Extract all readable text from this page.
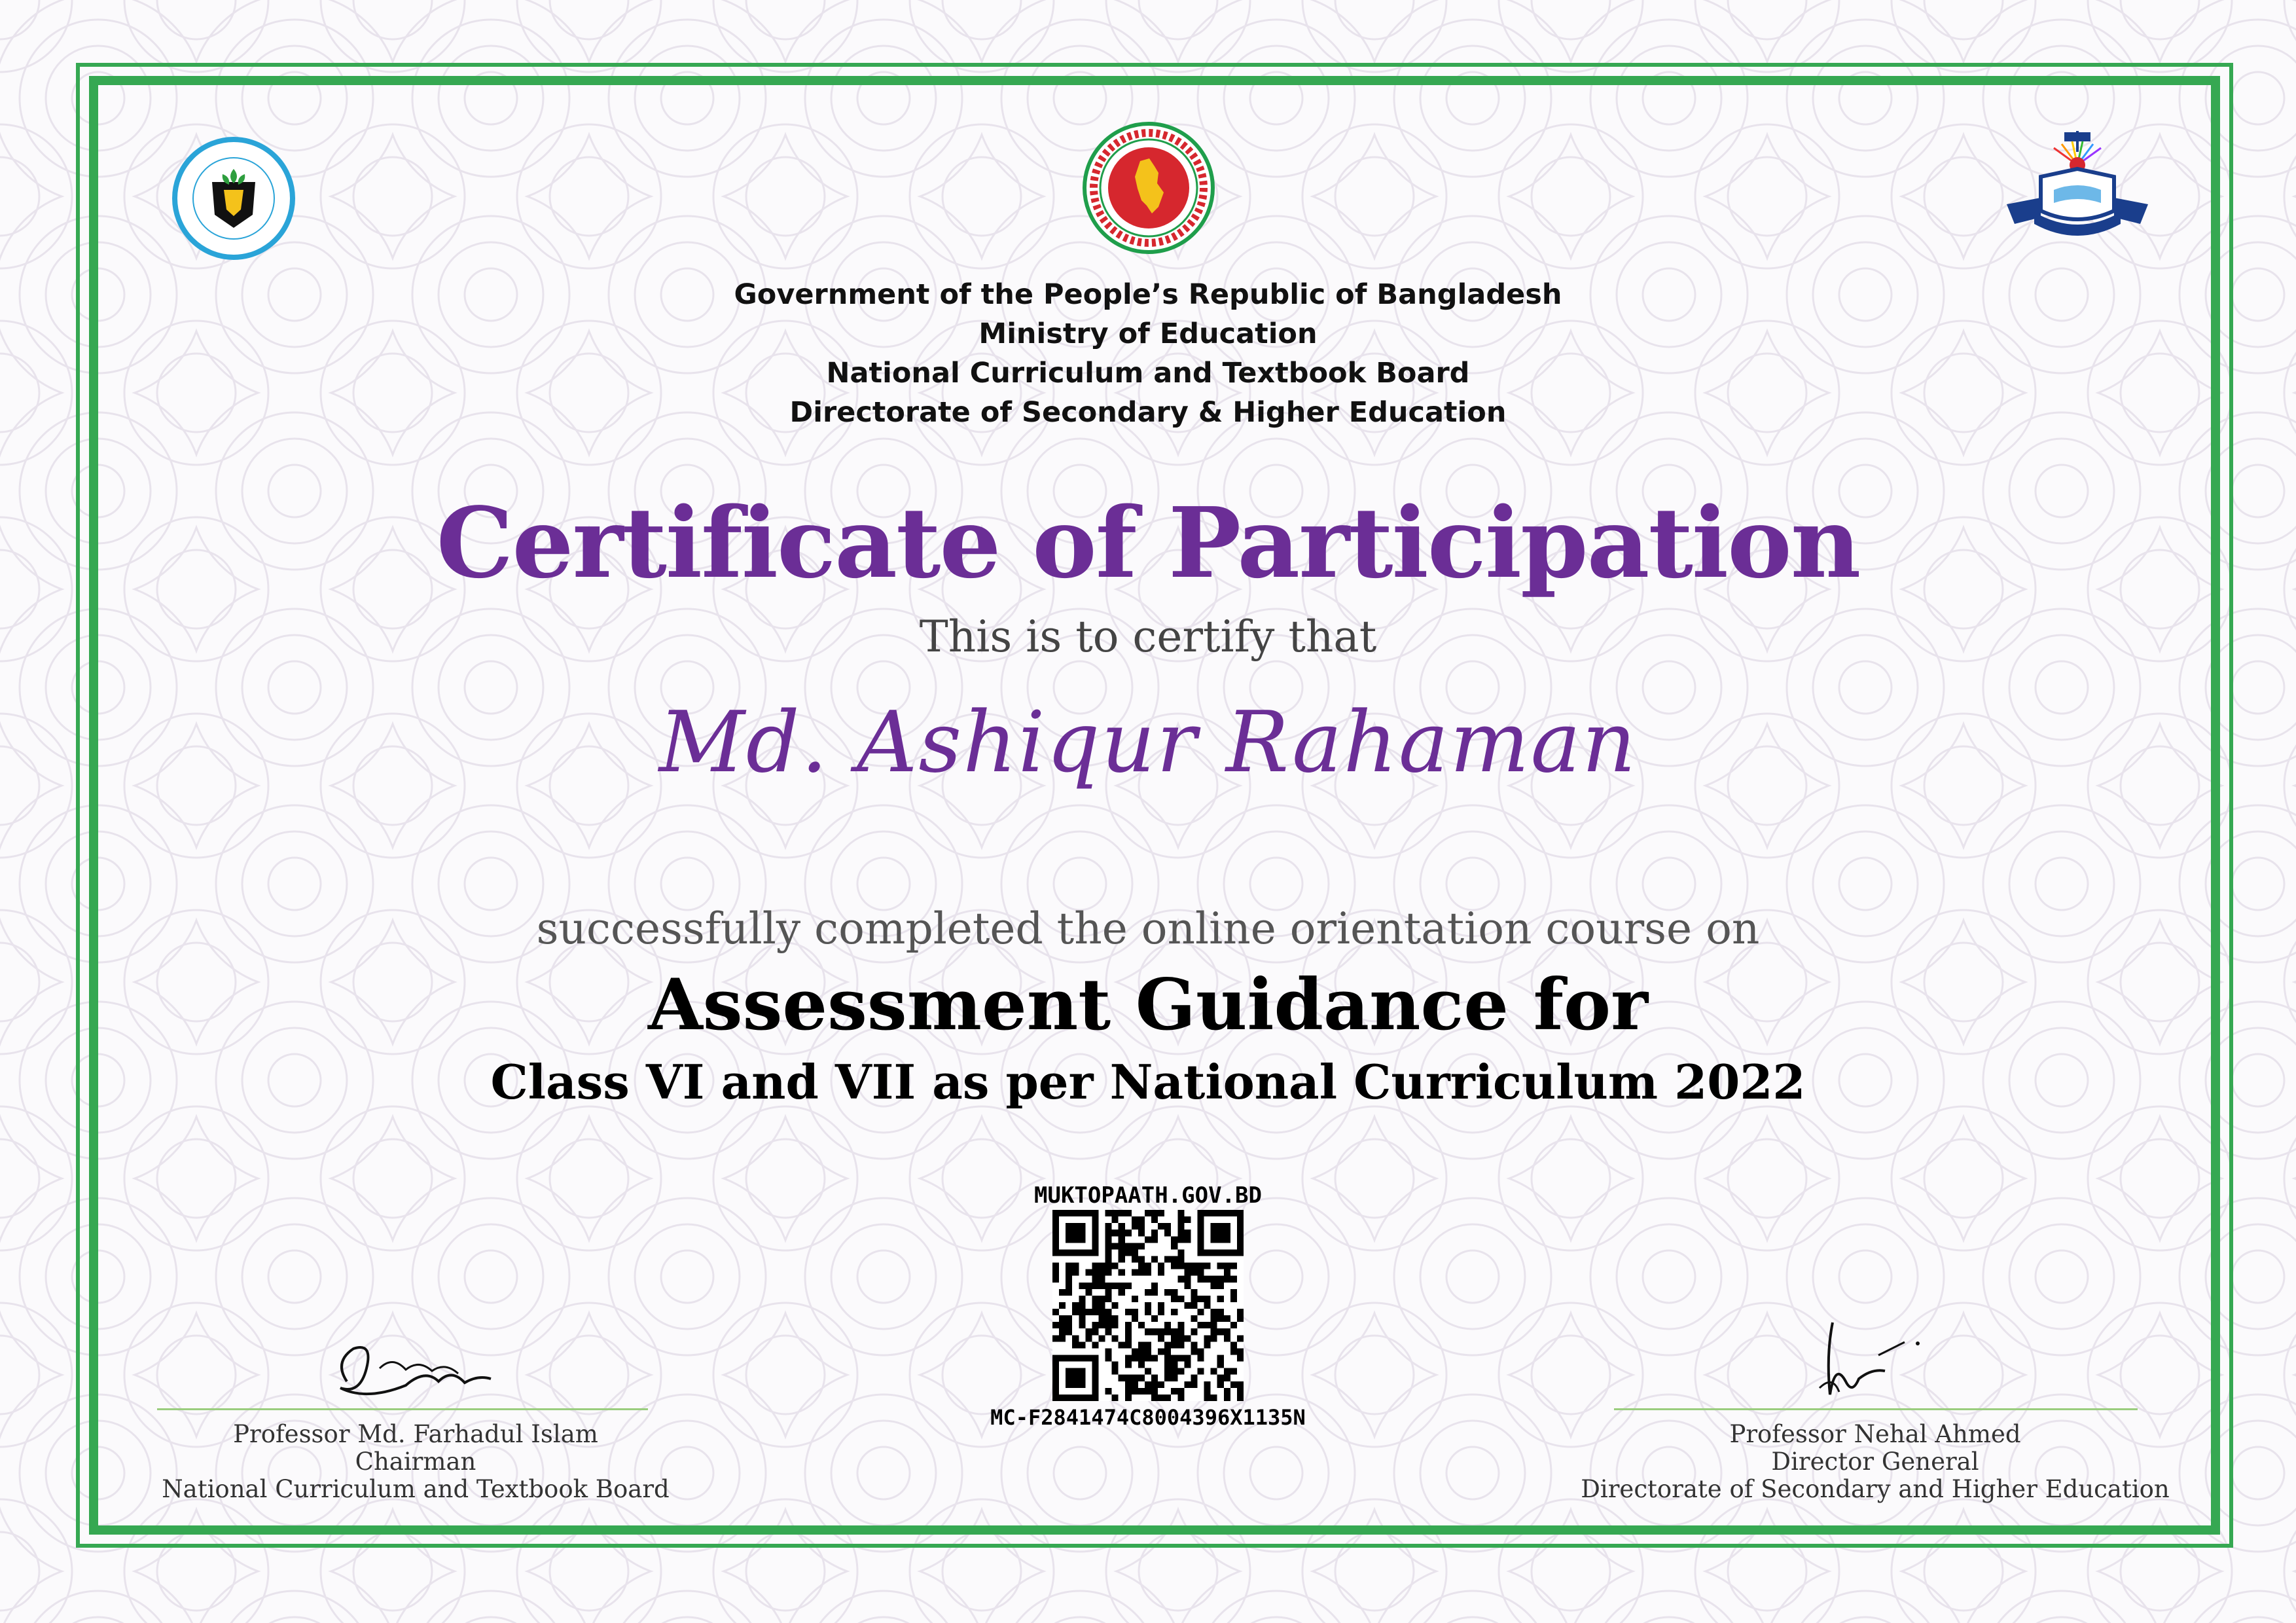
Government of the People’s Republic of Bangladesh
Ministry of Education
National Curriculum and Textbook Board
Directorate of Secondary & Higher Education
Certificate of Participation
This is to certify that
Md. Ashiqur Rahaman
successfully completed the online orientation course on
Assessment Guidance for
Class VI and VII as per National Curriculum 2022
MUKTOPAATH.GOV.BD
MC-F2841474C8004396X1135N
Professor Md. Farhadul Islam
Chairman
National Curriculum and Textbook Board
Professor Nehal Ahmed
Director General
Directorate of Secondary and Higher Education
